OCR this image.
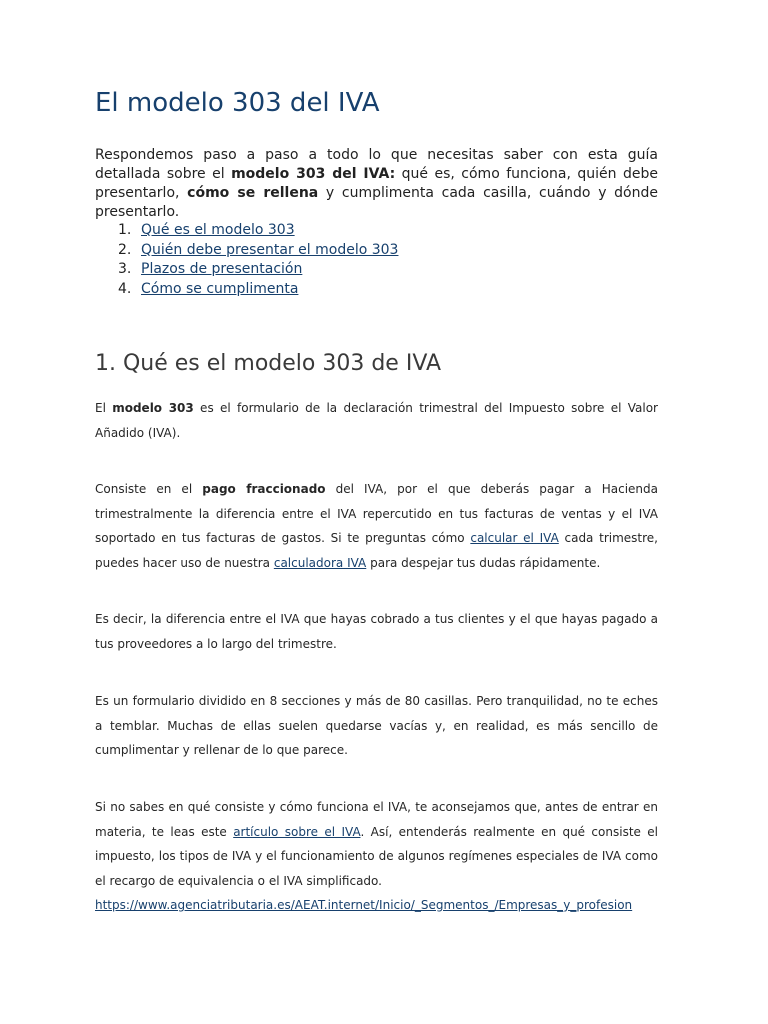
El modelo 303 del IVA

Respondemos paso a paso a todo lo que necesitas saber con esta guía detallada sobre el modelo 303 del IVA: qué es, cómo funciona, quién debe presentarlo, cómo se rellena y cumplimenta cada casilla, cuándo y dónde presentarlo.

1. Qué es el modelo 303
2. Quién debe presentar el modelo 303
3. Plazos de presentación
4. Cómo se cumplimenta
1. Qué es el modelo 303 de IVA

El modelo 303 es el formulario de la declaración trimestral del Impuesto sobre el Valor Añadido (IVA).

Consiste en el pago fraccionado del IVA, por el que deberás pagar a Hacienda trimestralmente la diferencia entre el IVA repercutido en tus facturas de ventas y el IVA soportado en tus facturas de gastos. Si te preguntas cómo calcular el IVA cada trimestre, puedes hacer uso de nuestra calculadora IVA para despejar tus dudas rápidamente.

Es decir, la diferencia entre el IVA que hayas cobrado a tus clientes y el que hayas pagado a tus proveedores a lo largo del trimestre.

Es un formulario dividido en 8 secciones y más de 80 casillas. Pero tranquilidad, no te eches a temblar. Muchas de ellas suelen quedarse vacías y, en realidad, es más sencillo de cumplimentar y rellenar de lo que parece.

Si no sabes en qué consiste y cómo funciona el IVA, te aconsejamos que, antes de entrar en materia, te leas este artículo sobre el IVA. Así, entenderás realmente en qué consiste el impuesto, los tipos de IVA y el funcionamiento de algunos regímenes especiales de IVA como el recargo de equivalencia o el IVA simplificado.
https://www.agenciatributaria.es/AEAT.internet/Inicio/_Segmentos_/Empresas_y_profesion
